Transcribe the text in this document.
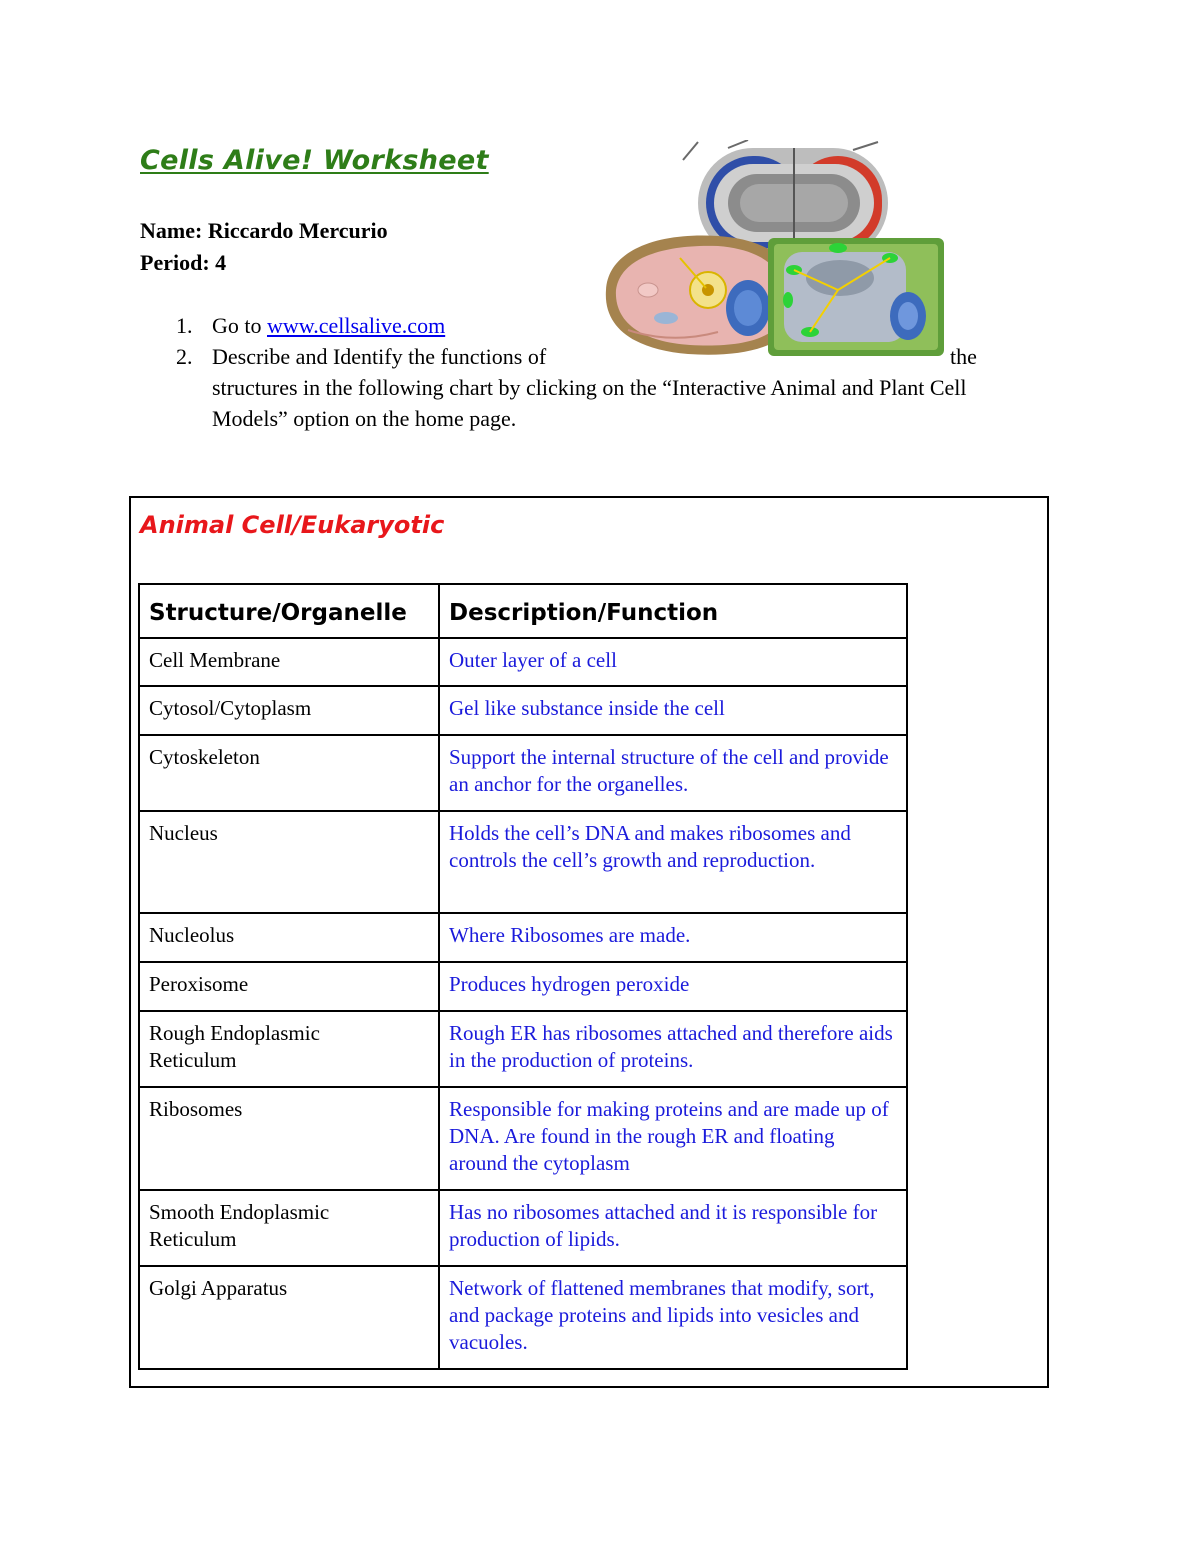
Cells Alive! Worksheet
Name: Riccardo Mercurio
Period: 4
1. Go to www.cellsalive.com
2. Describe and Identify the functions of	the
structures in the following chart by clicking on the “Interactive Animal and Plant Cell Models” option on the home page.
Animal Cell/Eukaryotic
Structure/Organelle	Description/Function
Cell Membrane	Outer layer of a cell
Cytosol/Cytoplasm	Gel like substance inside the cell
Cytoskeleton	Support the internal structure of the cell and provide an anchor for the organelles.
Nucleus	Holds the cell’s DNA and makes ribosomes and controls the cell’s growth and reproduction.
Nucleolus	Where Ribosomes are made.
Peroxisome	Produces hydrogen peroxide
Rough Endoplasmic
Reticulum	Rough ER has ribosomes attached and therefore aids in the production of proteins.
Ribosomes	Responsible for making proteins and are made up of DNA. Are found in the rough ER and floating around the cytoplasm
Smooth Endoplasmic
Reticulum	Has no ribosomes attached and it is responsible for production of lipids.
Golgi Apparatus	Network of flattened membranes that modify, sort, and package proteins and lipids into vesicles and vacuoles.
